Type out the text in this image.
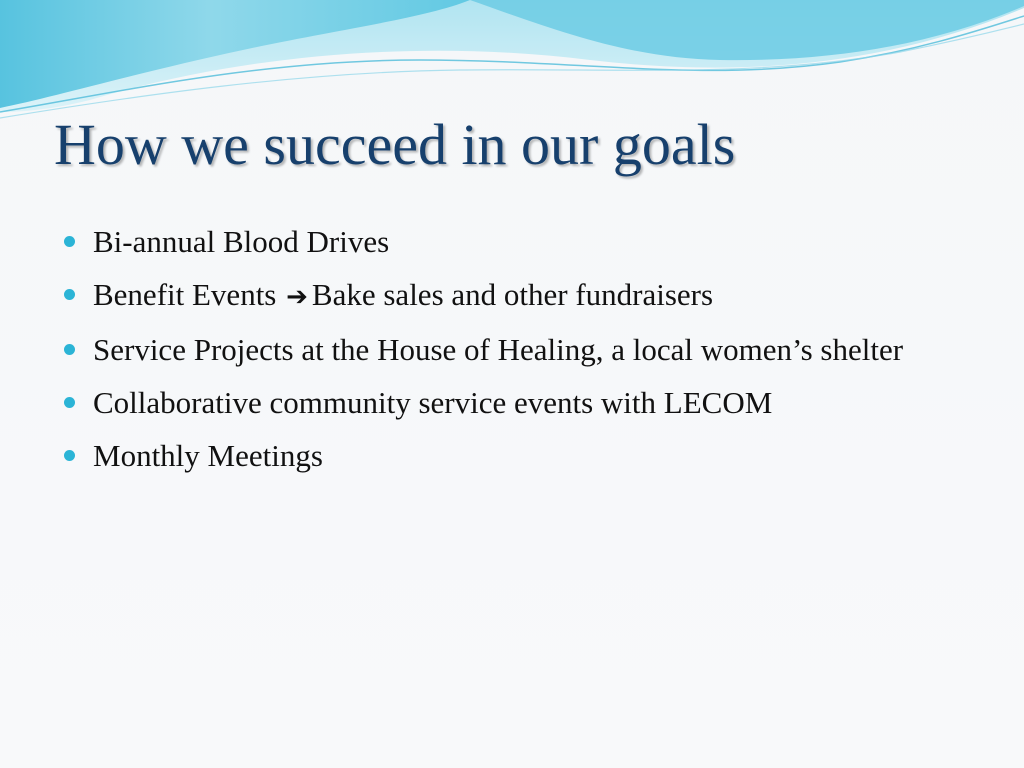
How we succeed in our goals
Bi-annual Blood Drives
Benefit Events ➔ Bake sales and other fundraisers
Service Projects at the House of Healing, a local women’s shelter
Collaborative community service events with LECOM
Monthly Meetings
